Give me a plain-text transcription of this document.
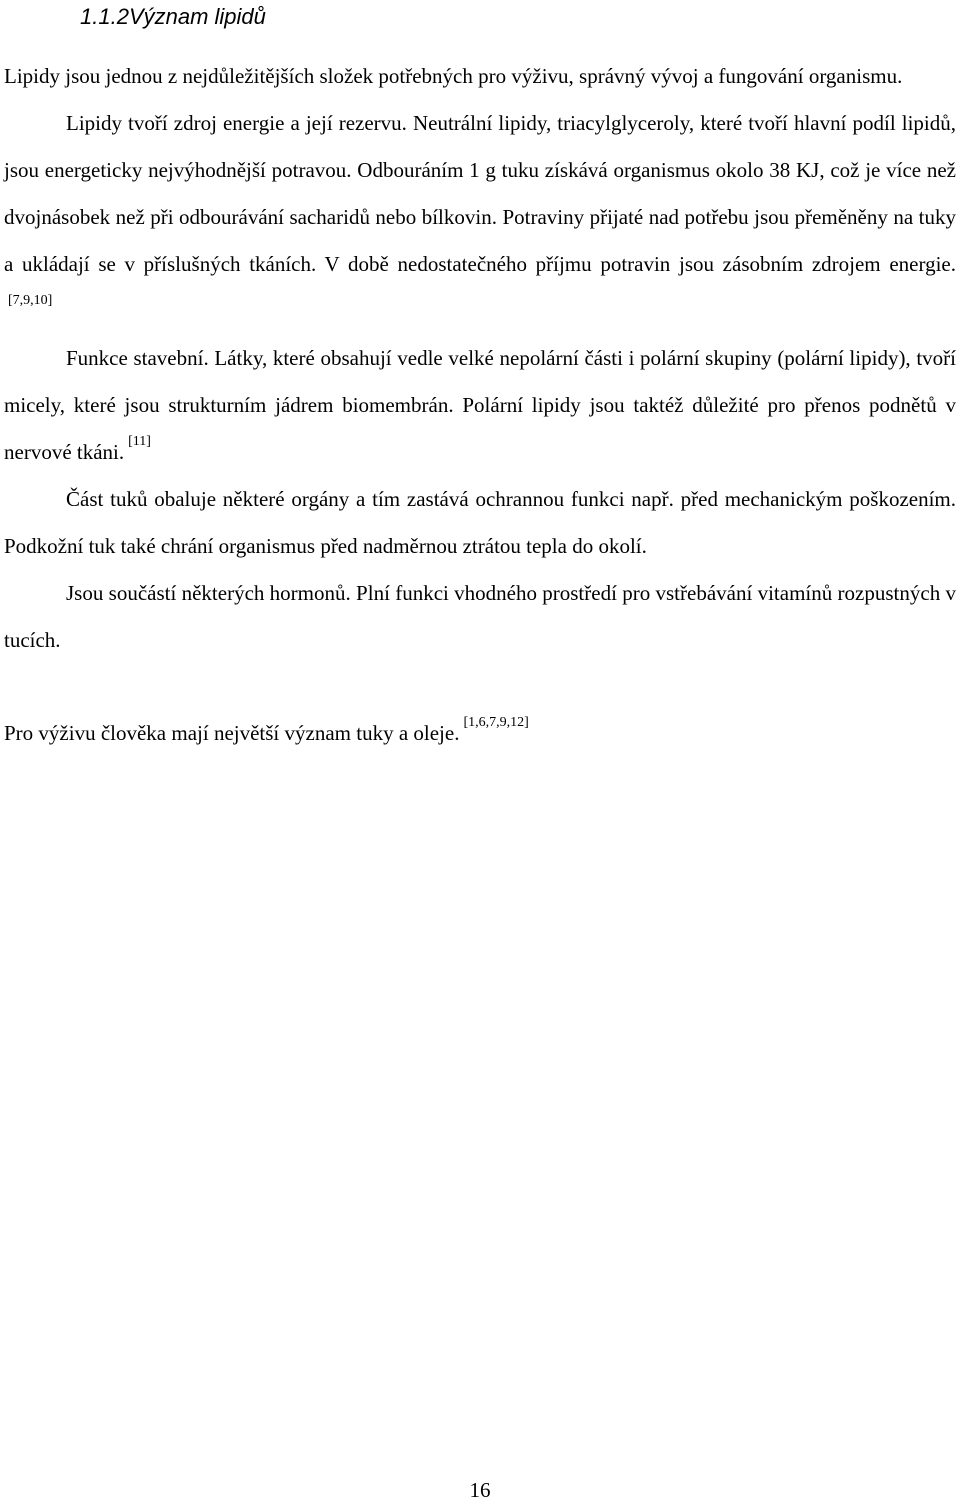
1.1.2Význam lipidů

Lipidy jsou jednou z nejdůležitějších složek potřebných pro výživu, správný vývoj a fungování organismu.

Lipidy tvoří zdroj energie a její rezervu. Neutrální lipidy, triacylglyceroly, které tvoří hlavní podíl lipidů, jsou energeticky nejvýhodnější potravou. Odbouráním 1 g tuku získává organismus okolo 38 KJ, což je více než dvojnásobek než při odbourávání sacharidů nebo bílkovin. Potraviny přijaté nad potřebu jsou přeměněny na tuky a ukládají se v příslušných tkáních. V době nedostatečného příjmu potravin jsou zásobním zdrojem energie.[7,9,10]

Funkce stavební. Látky, které obsahují vedle velké nepolární části i polární skupiny (polární lipidy), tvoří micely, které jsou strukturním jádrem biomembrán. Polární lipidy jsou taktéž důležité pro přenos podnětů v nervové tkáni. [11]

Část tuků obaluje některé orgány a tím zastává ochrannou funkci např. před mechanickým poškozením. Podkožní tuk také chrání organismus před nadměrnou ztrátou tepla do okolí.

Jsou součástí některých hormonů. Plní funkci vhodného prostředí pro vstřebávání vitamínů rozpustných v tucích.

Pro výživu člověka mají největší význam tuky a oleje. [1,6,7,9,12]

16
